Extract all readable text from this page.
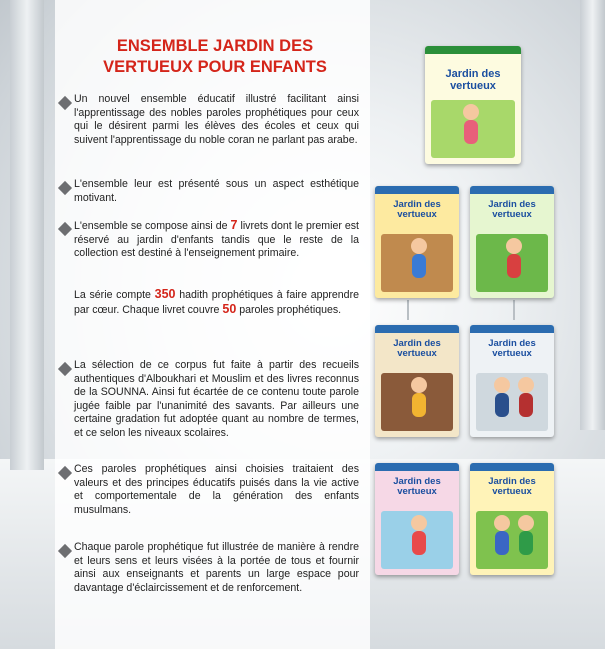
ENSEMBLE JARDIN DES
VERTUEUX POUR ENFANTS
Un nouvel ensemble éducatif illustré facilitant ainsi l'apprentissage des nobles paroles prophétiques pour ceux qui le désirent parmi les élèves des écoles et ceux qui suivent l'apprentissage du noble coran ne parlant pas arabe.
L'ensemble leur est présenté sous un aspect esthétique motivant.
L'ensemble se compose ainsi de 7 livrets dont le premier est réservé au jardin d'enfants tandis que le reste de la collection est destiné à l'enseignement primaire.
La série compte 350 hadith prophétiques à faire apprendre par cœur. Chaque livret couvre 50 paroles prophétiques.
La sélection de ce corpus fut faite à partir des recueils authentiques d'Alboukhari et Mouslim et des livres reconnus de la SOUNNA. Ainsi fut écartée de ce contenu toute parole jugée faible par l'unanimité des savants. Par ailleurs une certaine gradation fut adoptée quant au nombre de termes, et ce selon les niveaux scolaires.
Ces paroles prophétiques ainsi choisies traitaient des valeurs et des principes éducatifs puisés dans la vie active et comportementale de la génération des enfants musulmans.
Chaque parole prophétique fut illustrée de manière à rendre et leurs sens et leurs visées à la portée de tous et fournir ainsi aux enseignants et parents un large espace pour davantage d'éclaircissement et de renforcement.
Jardin des
vertueux
Jardin des
vertueux
Jardin des
vertueux
Jardin des
vertueux
Jardin des
vertueux
Jardin des
vertueux
Jardin des
vertueux
